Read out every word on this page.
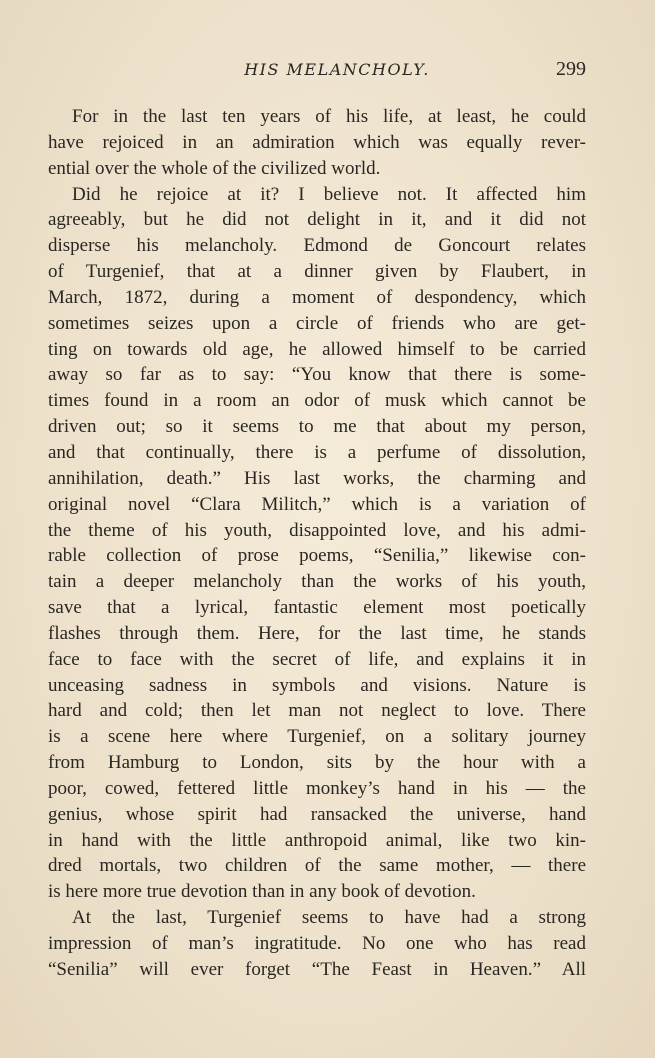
HIS MELANCHOLY.	299

For in the last ten years of his life, at least, he could
have rejoiced in an admiration which was equally rever-
ential over the whole of the civilized world.

Did he rejoice at it? I believe not. It affected him
agreeably, but he did not delight in it, and it did not
disperse his melancholy. Edmond de Goncourt relates
of Turgenief, that at a dinner given by Flaubert, in
March, 1872, during a moment of despondency, which
sometimes seizes upon a circle of friends who are get-
ting on towards old age, he allowed himself to be carried
away so far as to say: “You know that there is some-
times found in a room an odor of musk which cannot be
driven out; so it seems to me that about my person,
and that continually, there is a perfume of dissolution,
annihilation, death.” His last works, the charming and
original novel “Clara Militch,” which is a variation of
the theme of his youth, disappointed love, and his admi-
rable collection of prose poems, “Senilia,” likewise con-
tain a deeper melancholy than the works of his youth,
save that a lyrical, fantastic element most poetically
flashes through them. Here, for the last time, he stands
face to face with the secret of life, and explains it in
unceasing sadness in symbols and visions. Nature is
hard and cold; then let man not neglect to love. There
is a scene here where Turgenief, on a solitary journey
from Hamburg to London, sits by the hour with a
poor, cowed, fettered little monkey’s hand in his — the
genius, whose spirit had ransacked the universe, hand
in hand with the little anthropoid animal, like two kin-
dred mortals, two children of the same mother, — there
is here more true devotion than in any book of devotion.

At the last, Turgenief seems to have had a strong
impression of man’s ingratitude. No one who has read
“Senilia” will ever forget “The Feast in Heaven.” All
